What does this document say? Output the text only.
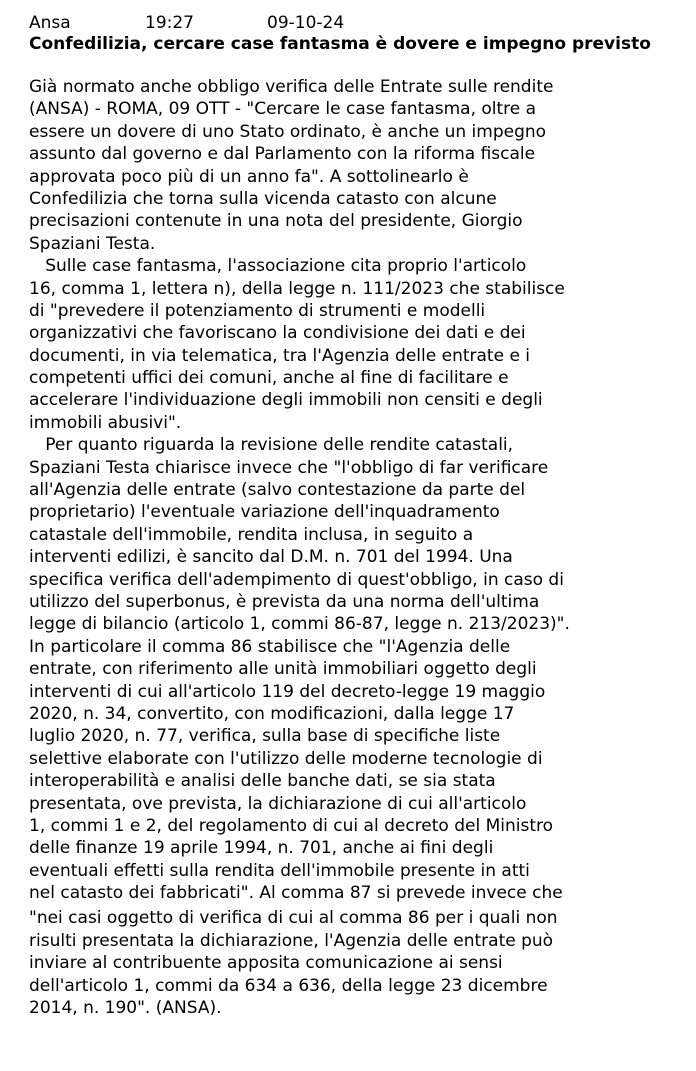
Ansa

	19:27

	09-10-24

Confedilizia, cercare case fantasma è dovere e impegno previsto
Già normato anche obbligo verifica delle Entrate sulle rendite
(ANSA) - ROMA, 09 OTT - "Cercare le case fantasma, oltre a
essere un dovere di uno Stato ordinato, è anche un impegno
assunto dal governo e dal Parlamento con la riforma fiscale
approvata poco più di un anno fa". A sottolinearlo è
Confedilizia che torna sulla vicenda catasto con alcune
precisazioni contenute in una nota del presidente, Giorgio
Spaziani Testa.
Sulle case fantasma, l'associazione cita proprio l'articolo
16, comma 1, lettera n), della legge n. 111/2023 che stabilisce
di "prevedere il potenziamento di strumenti e modelli
organizzativi che favoriscano la condivisione dei dati e dei
documenti, in via telematica, tra l'Agenzia delle entrate e i
competenti uffici dei comuni, anche al fine di facilitare e
accelerare l'individuazione degli immobili non censiti e degli
immobili abusivi".
Per quanto riguarda la revisione delle rendite catastali,
Spaziani Testa chiarisce invece che "l'obbligo di far verificare
all'Agenzia delle entrate (salvo contestazione da parte del
proprietario) l'eventuale variazione dell'inquadramento
catastale dell'immobile, rendita inclusa, in seguito a
interventi edilizi, è sancito dal D.M. n. 701 del 1994. Una
specifica verifica dell'adempimento di quest'obbligo, in caso di
utilizzo del superbonus, è prevista da una norma dell'ultima
legge di bilancio (articolo 1, commi 86-87, legge n. 213/2023)".
In particolare il comma 86 stabilisce che "l'Agenzia delle
entrate, con riferimento alle unità immobiliari oggetto degli
interventi di cui all'articolo 119 del decreto-legge 19 maggio
2020, n. 34, convertito, con modificazioni, dalla legge 17
luglio 2020, n. 77, verifica, sulla base di specifiche liste
selettive elaborate con l'utilizzo delle moderne tecnologie di
interoperabilità e analisi delle banche dati, se sia stata
presentata, ove prevista, la dichiarazione di cui all'articolo
1, commi 1 e 2, del regolamento di cui al decreto del Ministro
delle finanze 19 aprile 1994, n. 701, anche ai fini degli
eventuali effetti sulla rendita dell'immobile presente in atti
nel catasto dei fabbricati". Al comma 87 si prevede invece che
"nei casi oggetto di verifica di cui al comma 86 per i quali non
risulti presentata la dichiarazione, l'Agenzia delle entrate può
inviare al contribuente apposita comunicazione ai sensi
dell'articolo 1, commi da 634 a 636, della legge 23 dicembre
2014, n. 190". (ANSA).
